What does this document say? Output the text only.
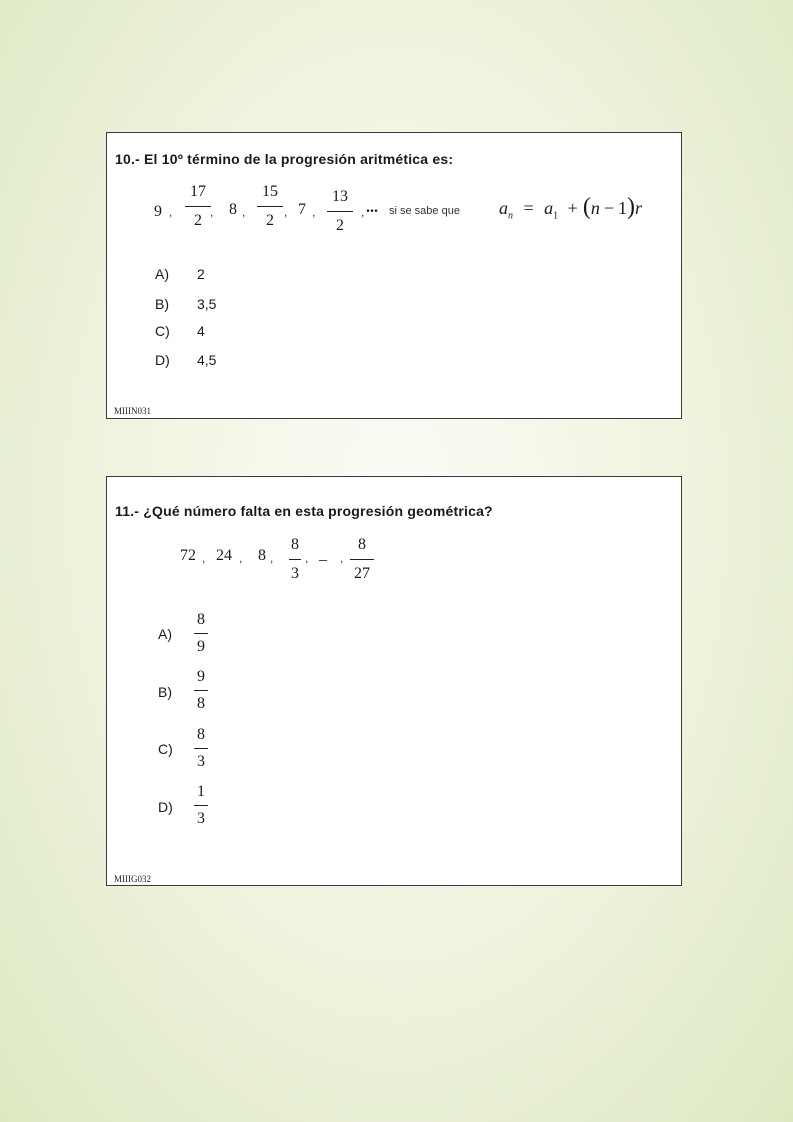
10.- El 10º término de la progresión aritmética es:
9 ,
17
2 , 8 ,
15
2 , 7 ,
13
2
, ... si se sabe que $a_n = a_1 + (n - 1)r$
A) 2
B) 3,5
C) 4
D) 4,5
MIIIN031
11.- ¿Qué número falta en esta progresión geométrica?
72 , 24 , 8 ,
8
3
, _ ,
8
27
A)
8
9
B)
9
8
C)
8
3
D)
1
3
MIIIG032
